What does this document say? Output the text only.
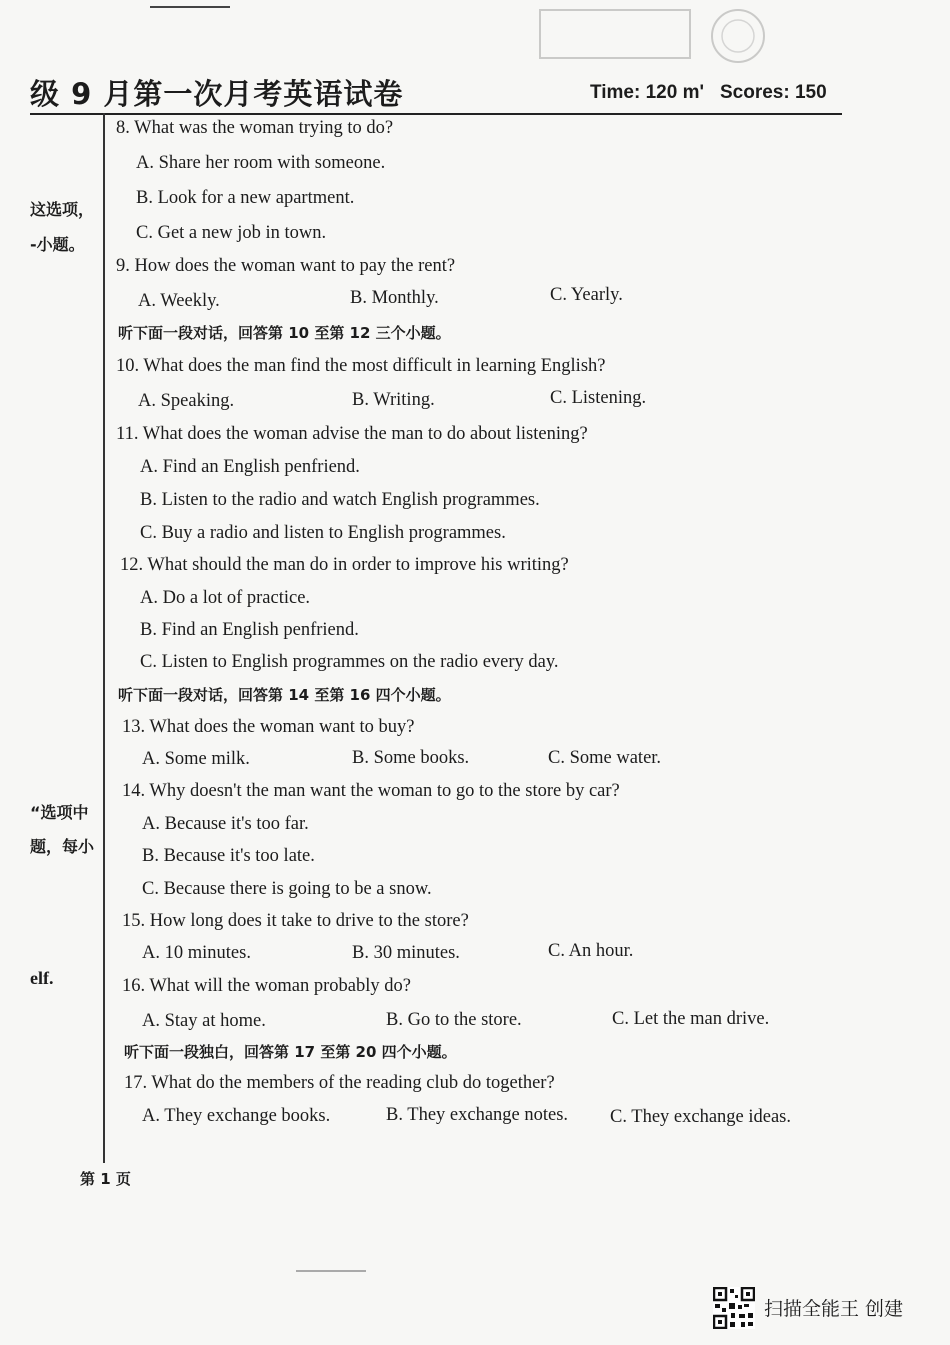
级 9 月第一次月考英语试卷	Time: 120 m' Scores: 150
这选项，
-小题。
“选项中
题，每小
elf.
8. What was the woman trying to do?
A. Share her room with someone.
B. Look for a new apartment.
C. Get a new job in town.
9. How does the woman want to pay the rent?
A. Weekly.	B. Monthly.	C. Yearly.
听下面一段对话，回答第 10 至第 12 三个小题。
10. What does the man find the most difficult in learning English?
A. Speaking.	B. Writing.	C. Listening.
11. What does the woman advise the man to do about listening?
A. Find an English penfriend.
B. Listen to the radio and watch English programmes.
C. Buy a radio and listen to English programmes.
12. What should the man do in order to improve his writing?
A. Do a lot of practice.
B. Find an English penfriend.
C. Listen to English programmes on the radio every day.
听下面一段对话，回答第 14 至第 16 四个小题。
13. What does the woman want to buy?
A. Some milk.	B. Some books.	C. Some water.
14. Why doesn't the man want the woman to go to the store by car?
A. Because it's too far.
B. Because it's too late.
C. Because there is going to be a snow.
15. How long does it take to drive to the store?
A. 10 minutes.	B. 30 minutes.	C. An hour.
16. What will the woman probably do?
A. Stay at home.	B. Go to the store.	C. Let the man drive.
听下面一段独白，回答第 17 至第 20 四个小题。
17. What do the members of the reading club do together?
A. They exchange books.	B. They exchange notes. C. They exchange ideas.
第 1 页
扫描全能王 创建
